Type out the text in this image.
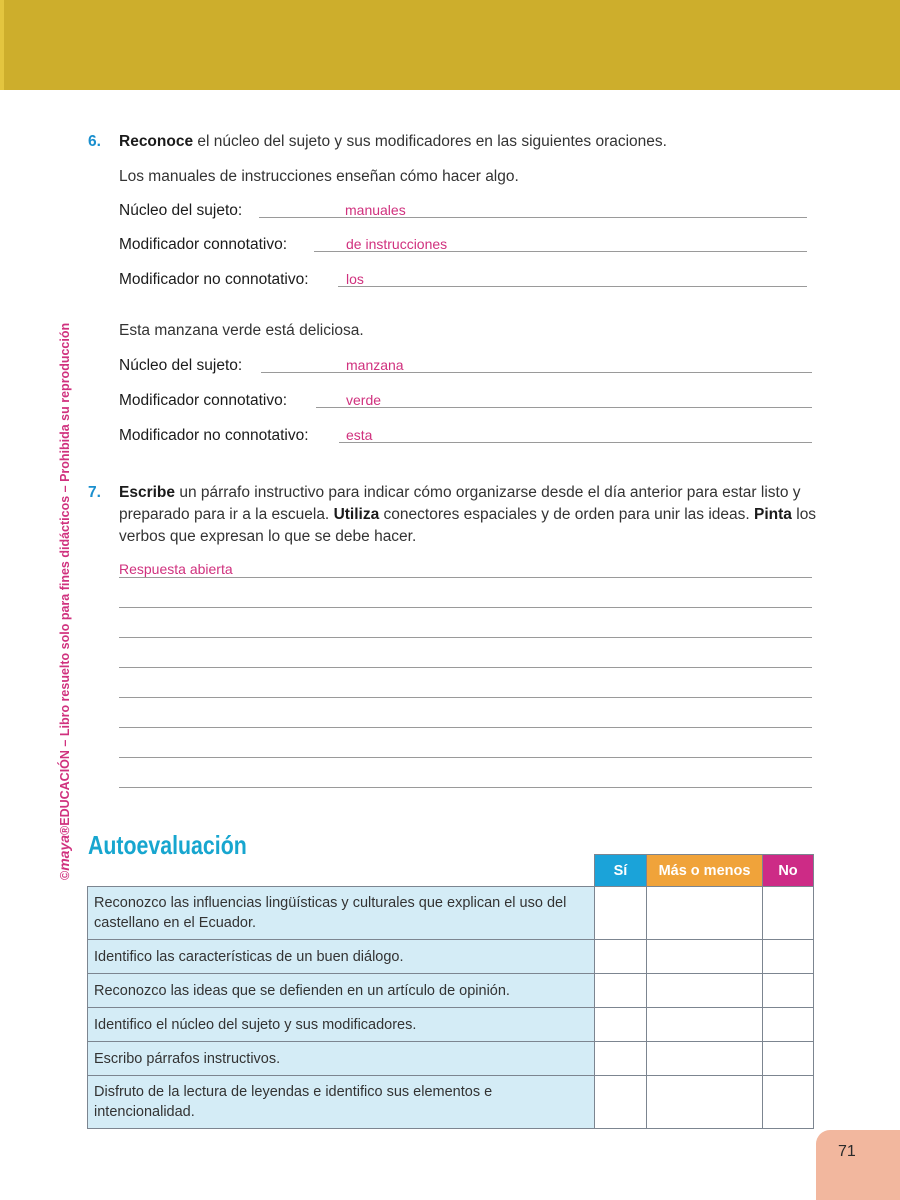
©maya®EDUCACIÓN – Libro resuelto solo para fines didácticos – Prohibida su reproducción
6. Reconoce el núcleo del sujeto y sus modificadores en las siguientes oraciones.
Los manuales de instrucciones enseñan cómo hacer algo.
Núcleo del sujeto:	manuales
Modificador connotativo:	de instrucciones
Modificador no connotativo:	los
Esta manzana verde está deliciosa.
Núcleo del sujeto:	manzana
Modificador connotativo:	verde
Modificador no connotativo:	esta
7. Escribe un párrafo instructivo para indicar cómo organizarse desde el día anterior para estar listo y preparado para ir a la escuela. Utiliza conectores espaciales y de orden para unir las ideas. Pinta los verbos que expresan lo que se debe hacer.
Respuesta abierta
Autoevaluación
	Sí	Más o menos	No
Reconozco las influencias lingüísticas y culturales que explican el uso del castellano en el Ecuador.			
Identifico las características de un buen diálogo.			
Reconozco las ideas que se defienden en un artículo de opinión.			
Identifico el núcleo del sujeto y sus modificadores.			
Escribo párrafos instructivos.			
Disfruto de la lectura de leyendas e identifico sus elementos e intencionalidad.			
71
